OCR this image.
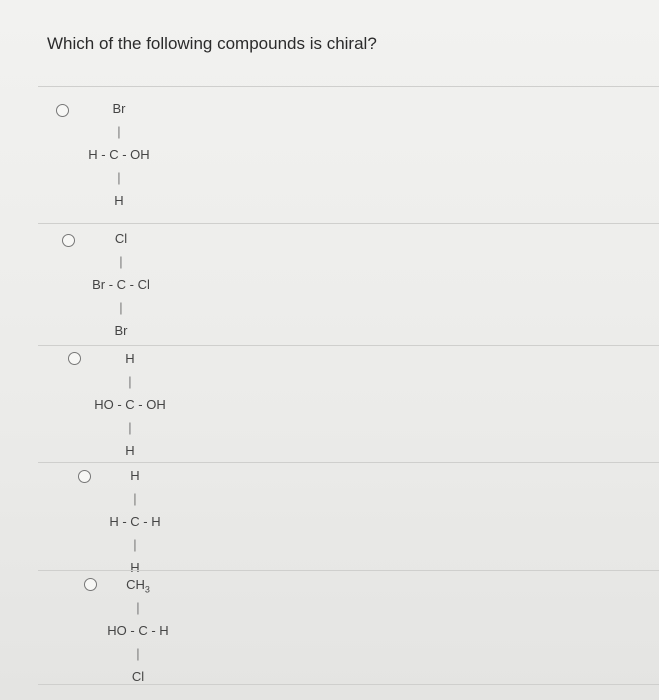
Which of the following compounds is chiral?
Br
|
H - C - OH
|
H
Cl
|
Br - C - Cl
|
Br
H
|
HO - C - OH
|
H
H
|
H - C - H
|
H
$CH_3$
|
HO - C - H
|
Cl
